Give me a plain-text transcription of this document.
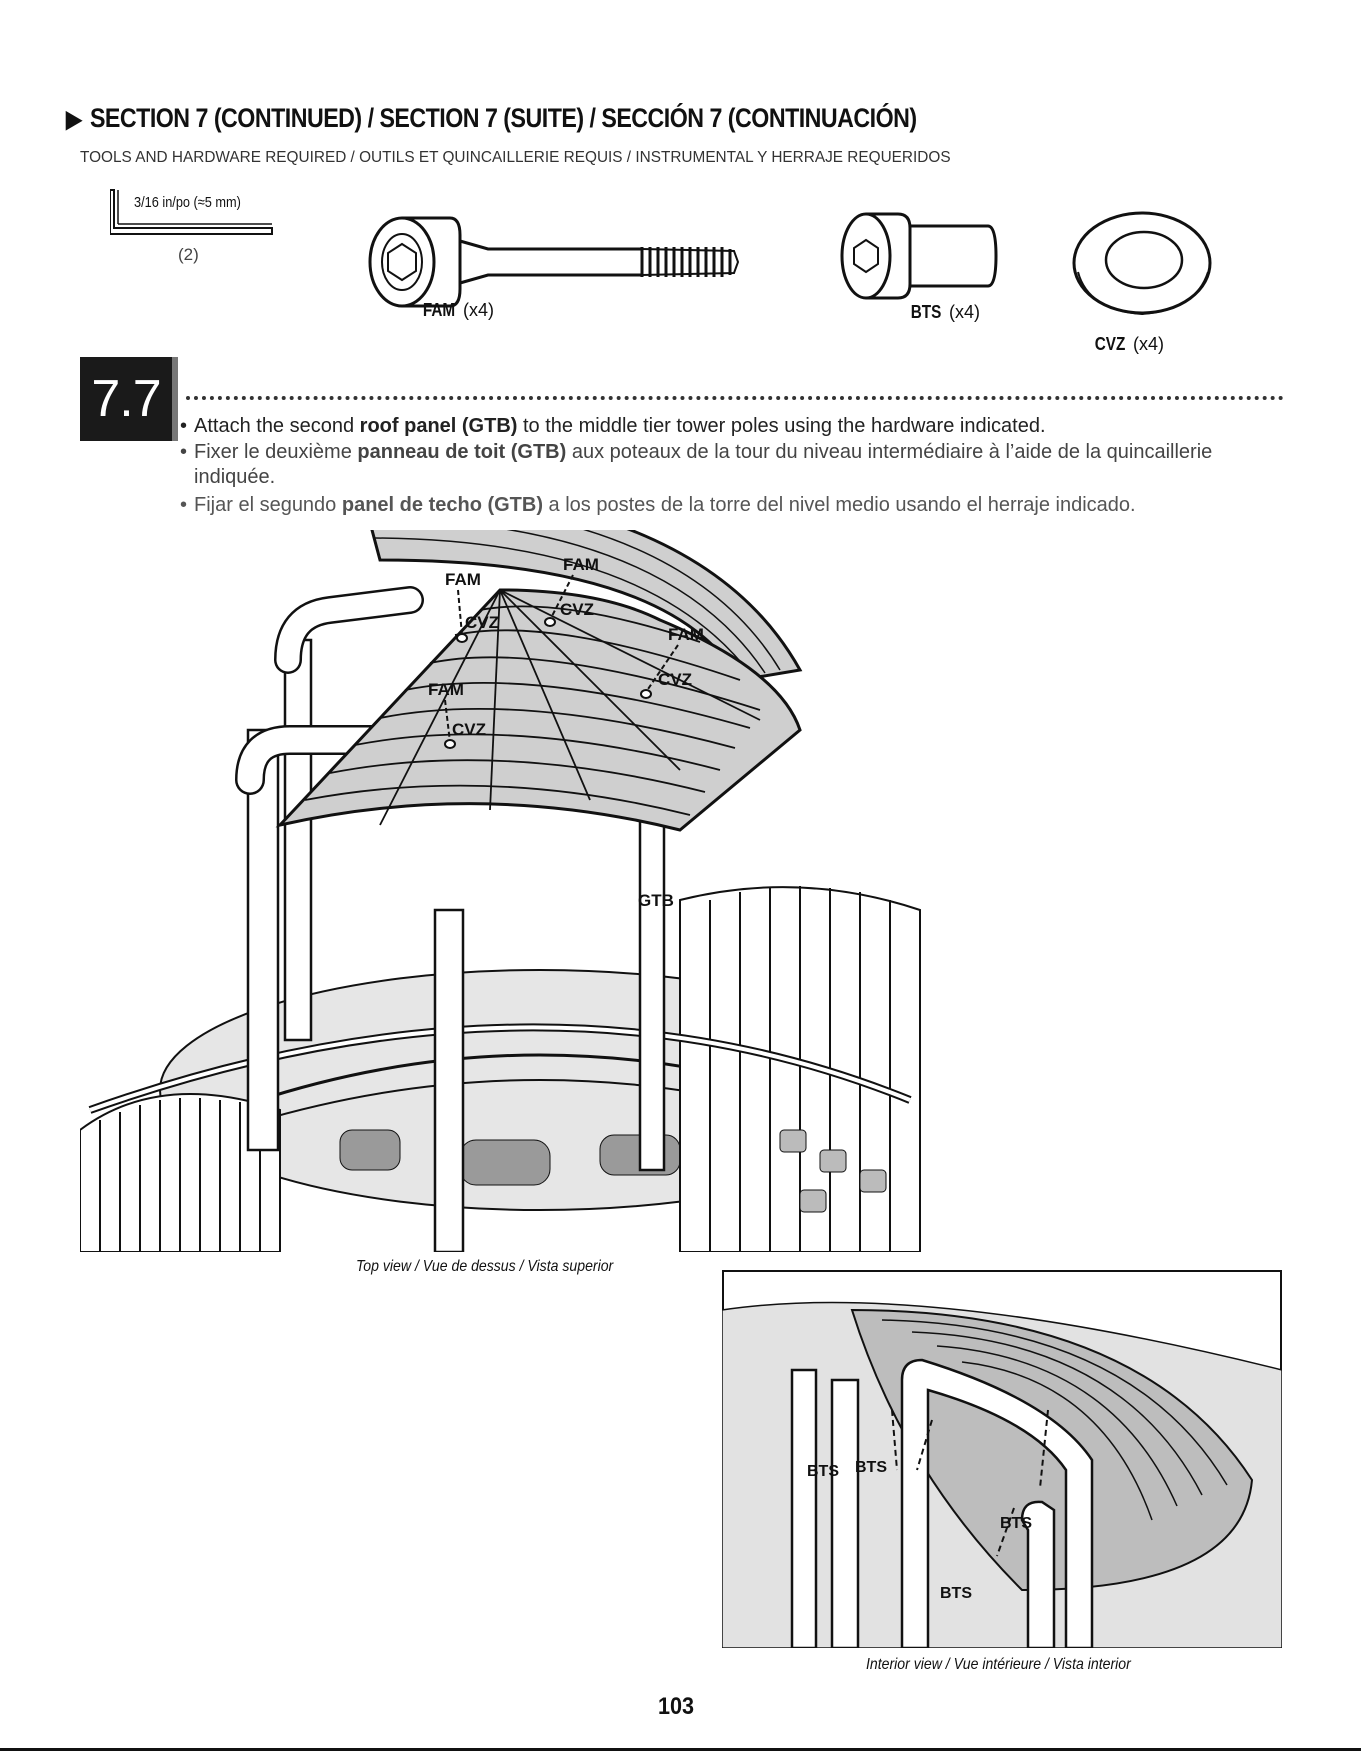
▶ SECTION 7 (CONTINUED) / SECTION 7 (SUITE) / SECCIÓN 7 (CONTINUACIÓN)
TOOLS AND HARDWARE REQUIRED / OUTILS ET QUINCAILLERIE REQUIS / INSTRUMENTAL Y HERRAJE REQUERIDOS
3/16 in/po (≈5 mm)
(2)
FAM (x4)	BTS (x4)
CVZ (x4)
7.7 • Attach the second roof panel (GTB) to the middle tier tower poles using the hardware indicated.
• Fixer le deuxième panneau de toit (GTB) aux poteaux de la tour du niveau intermédiaire à l’aide de la quincaillerie indiquée.
• Fijar el segundo panel de techo (GTB) a los postes de la torre del nivel medio usando el herraje indicado.
FAM
CVZ
FAM
CVZ
FAM
CVZ
FAM
CVZ
GTB
Top view / Vue de dessus / Vista superior
BTS BTS
BTS
BTS
Interior view / Vue intérieure / Vista interior
103
